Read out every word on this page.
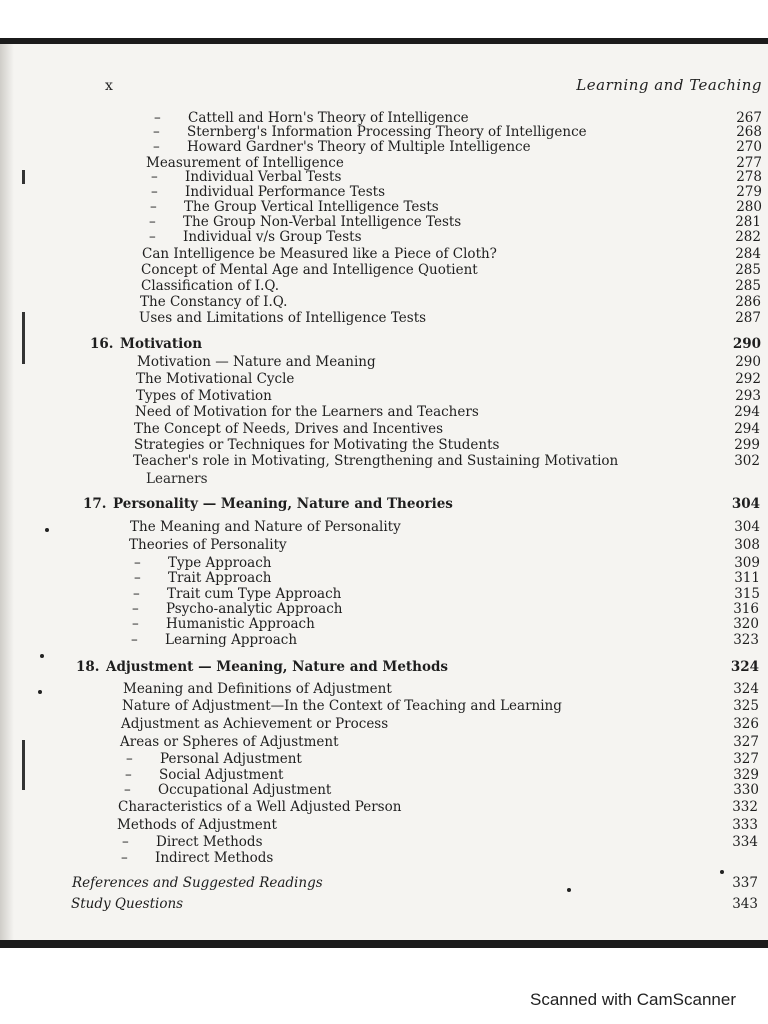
x	Learning and Teaching
– Cattell and Horn's Theory of Intelligence	267
– Sternberg's Information Processing Theory of Intelligence	268
– Howard Gardner's Theory of Multiple Intelligence	270
Measurement of Intelligence	277
– Individual Verbal Tests	278
– Individual Performance Tests	279
– The Group Vertical Intelligence Tests	280
– The Group Non-Verbal Intelligence Tests	281
– Individual v/s Group Tests	282
Can Intelligence be Measured like a Piece of Cloth?	284
Concept of Mental Age and Intelligence Quotient	285
Classification of I.Q.	285
The Constancy of I.Q.	286
Uses and Limitations of Intelligence Tests	287
16. Motivation	290
Motivation — Nature and Meaning	290
The Motivational Cycle	292
Types of Motivation	293
Need of Motivation for the Learners and Teachers	294
The Concept of Needs, Drives and Incentives	294
Strategies or Techniques for Motivating the Students	299
Teacher's role in Motivating, Strengthening and Sustaining Motivation	302
Learners
17. Personality — Meaning, Nature and Theories	304
The Meaning and Nature of Personality	304
Theories of Personality	308
– Type Approach	309
– Trait Approach	311
– Trait cum Type Approach	315
– Psycho-analytic Approach	316
– Humanistic Approach	320
– Learning Approach	323
18. Adjustment — Meaning, Nature and Methods	324
Meaning and Definitions of Adjustment	324
Nature of Adjustment—In the Context of Teaching and Learning	325
Adjustment as Achievement or Process	326
Areas or Spheres of Adjustment	327
– Personal Adjustment	327
– Social Adjustment	329
– Occupational Adjustment	330
Characteristics of a Well Adjusted Person	332
Methods of Adjustment	333
– Direct Methods	334
– Indirect Methods
References and Suggested Readings	337
Study Questions	343
Scanned with CamScanner
